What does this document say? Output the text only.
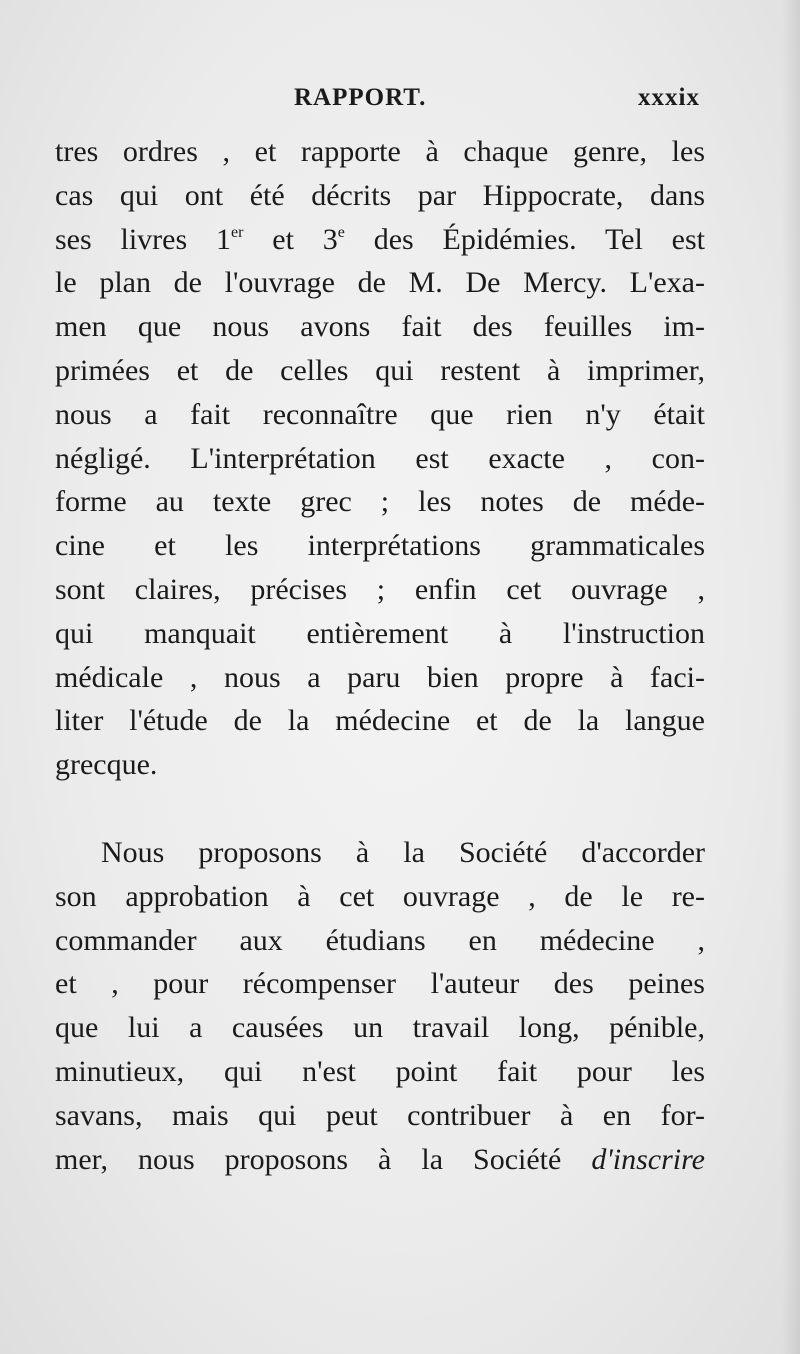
RAPPORT.	xxxix
tres ordres , et rapporte à chaque genre, les
cas qui ont été décrits par Hippocrate, dans
ses livres 1er et 3e des Épidémies. Tel est
le plan de l'ouvrage de M. De Mercy. L'exa-
men que nous avons fait des feuilles im-
primées et de celles qui restent à imprimer,
nous a fait reconnaître que rien n'y était
négligé. L'interprétation est exacte , con-
forme au texte grec ; les notes de méde-
cine et les interprétations grammaticales
sont claires, précises ; enfin cet ouvrage ,
qui manquait entièrement à l'instruction
médicale , nous a paru bien propre à faci-
liter l'étude de la médecine et de la langue
grecque.
Nous proposons à la Société d'accorder
son approbation à cet ouvrage , de le re-
commander aux étudians en médecine ,
et , pour récompenser l'auteur des peines
que lui a causées un travail long, pénible,
minutieux, qui n'est point fait pour les
savans, mais qui peut contribuer à en for-
mer, nous proposons à la Société d'inscrire
